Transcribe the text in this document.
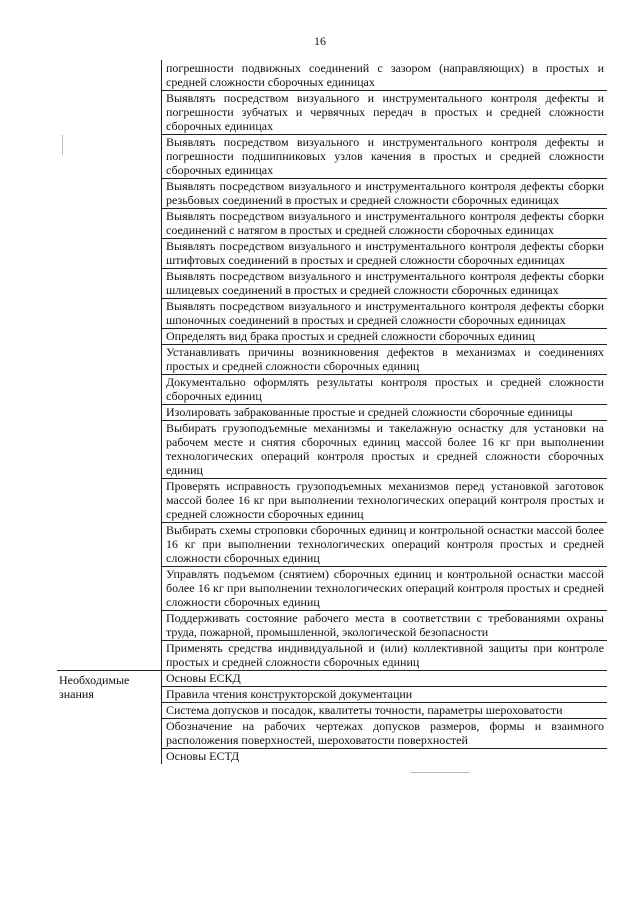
16
погрешности подвижных соединений с зазором (направляющих) в простых и средней сложности сборочных единицах
Выявлять посредством визуального и инструментального контроля дефекты и погрешности зубчатых и червячных передач в простых и средней сложности сборочных единицах
Выявлять посредством визуального и инструментального контроля дефекты и погрешности подшипниковых узлов качения в простых и средней сложности сборочных единицах
Выявлять посредством визуального и инструментального контроля дефекты сборки резьбовых соединений в простых и средней сложности сборочных единицах
Выявлять посредством визуального и инструментального контроля дефекты сборки соединений с натягом в простых и средней сложности сборочных единицах
Выявлять посредством визуального и инструментального контроля дефекты сборки штифтовых соединений в простых и средней сложности сборочных единицах
Выявлять посредством визуального и инструментального контроля дефекты сборки шлицевых соединений в простых и средней сложности сборочных единицах
Выявлять посредством визуального и инструментального контроля дефекты сборки шпоночных соединений в простых и средней сложности сборочных единицах
Определять вид брака простых и средней сложности сборочных единиц
Устанавливать причины возникновения дефектов в механизмах и соединениях простых и средней сложности сборочных единиц
Документально оформлять результаты контроля простых и средней сложности сборочных единиц
Изолировать забракованные простые и средней сложности сборочные единицы
Выбирать грузоподъемные механизмы и такелажную оснастку для установки на рабочем месте и снятия сборочных единиц массой более 16 кг при выполнении технологических операций контроля простых и средней сложности сборочных единиц
Проверять исправность грузоподъемных механизмов перед установкой заготовок массой более 16 кг при выполнении технологических операций контроля простых и средней сложности сборочных единиц
Выбирать схемы строповки сборочных единиц и контрольной оснастки массой более 16 кг при выполнении технологических операций контроля простых и средней сложности сборочных единиц
Управлять подъемом (снятием) сборочных единиц и контрольной оснастки массой более 16 кг при выполнении технологических операций контроля простых и средней сложности сборочных единиц
Поддерживать состояние рабочего места в соответствии с требованиями охраны труда, пожарной, промышленной, экологической безопасности
Применять средства индивидуальной и (или) коллективной защиты при контроле простых и средней сложности сборочных единиц
Необходимые знания
Основы ЕСКД
Правила чтения конструкторской документации
Система допусков и посадок, квалитеты точности, параметры шероховатости
Обозначение на рабочих чертежах допусков размеров, формы и взаимного расположения поверхностей, шероховатости поверхностей
Основы ЕСТД
